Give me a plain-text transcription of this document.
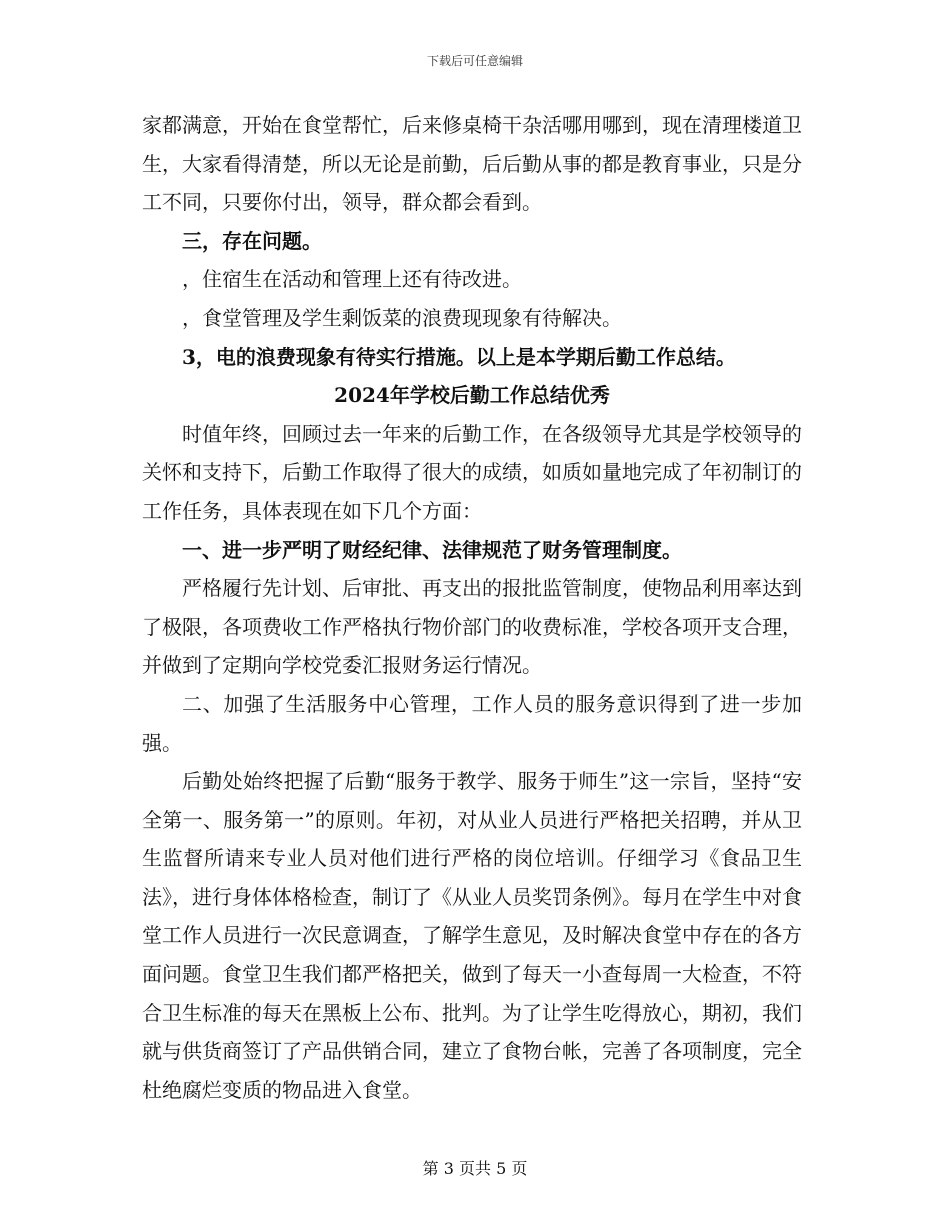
下载后可任意编辑

家都满意，开始在食堂帮忙，后来修桌椅干杂活哪用哪到，现在清理楼道卫生，大家看得清楚，所以无论是前勤，后后勤从事的都是教育事业，只是分工不同，只要你付出，领导，群众都会看到。

三，存在问题。

，住宿生在活动和管理上还有待改进。

，食堂管理及学生剩饭菜的浪费现现象有待解决。

3，电的浪费现象有待实行措施。以上是本学期后勤工作总结。

2024年学校后勤工作总结优秀

时值年终，回顾过去一年来的后勤工作，在各级领导尤其是学校领导的关怀和支持下，后勤工作取得了很大的成绩，如质如量地完成了年初制订的工作任务，具体表现在如下几个方面：

一、进一步严明了财经纪律、法律规范了财务管理制度。

严格履行先计划、后审批、再支出的报批监管制度，使物品利用率达到了极限，各项费收工作严格执行物价部门的收费标准，学校各项开支合理，并做到了定期向学校党委汇报财务运行情况。

二、加强了生活服务中心管理，工作人员的服务意识得到了进一步加强。

后勤处始终把握了后勤“服务于教学、服务于师生”这一宗旨，坚持“安全第一、服务第一”的原则。年初，对从业人员进行严格把关招聘，并从卫生监督所请来专业人员对他们进行严格的岗位培训。仔细学习《食品卫生法》，进行身体体格检查，制订了《从业人员奖罚条例》。每月在学生中对食堂工作人员进行一次民意调查，了解学生意见，及时解决食堂中存在的各方面问题。食堂卫生我们都严格把关，做到了每天一小查每周一大检查，不符合卫生标准的每天在黑板上公布、批判。为了让学生吃得放心，期初，我们就与供货商签订了产品供销合同，建立了食物台帐，完善了各项制度，完全杜绝腐烂变质的物品进入食堂。

第 3 页共 5 页
